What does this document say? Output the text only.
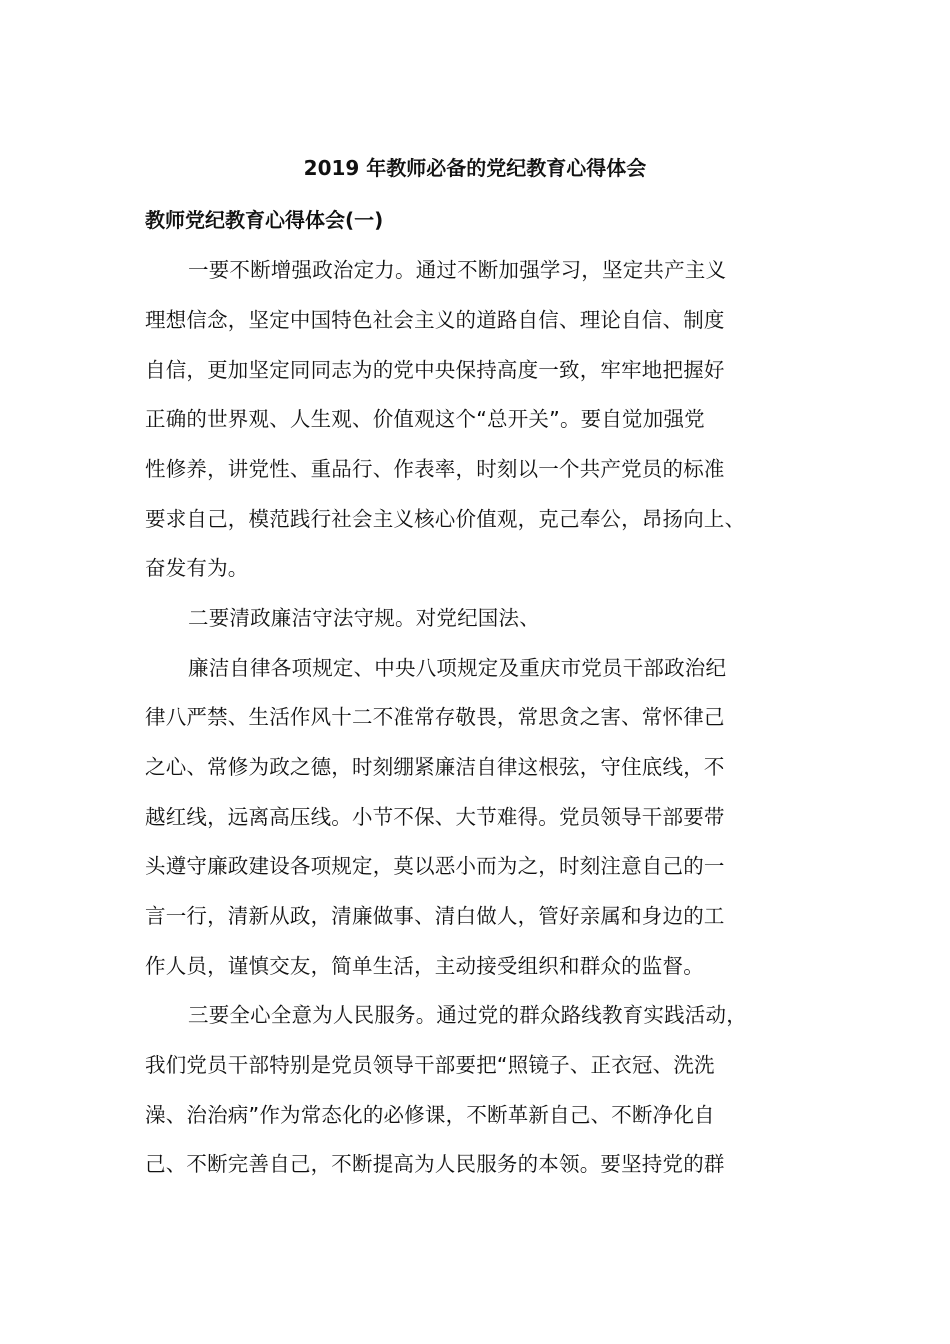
2019 年教师必备的党纪教育心得体会
教师党纪教育心得体会(一)
一要不断增强政治定力。通过不断加强学习，坚定共产主义
理想信念，坚定中国特色社会主义的道路自信、理论自信、制度
自信，更加坚定同同志为的党中央保持高度一致，牢牢地把握好
正确的世界观、人生观、价值观这个“总开关”。要自觉加强党
性修养，讲党性、重品行、作表率，时刻以一个共产党员的标准
要求自己，模范践行社会主义核心价值观，克己奉公，昂扬向上、
奋发有为。
二要清政廉洁守法守规。对党纪国法、
廉洁自律各项规定、中央八项规定及重庆市党员干部政治纪
律八严禁、生活作风十二不准常存敬畏，常思贪之害、常怀律己
之心、常修为政之德，时刻绷紧廉洁自律这根弦，守住底线，不
越红线，远离高压线。小节不保、大节难得。党员领导干部要带
头遵守廉政建设各项规定，莫以恶小而为之，时刻注意自己的一
言一行，清新从政，清廉做事、清白做人，管好亲属和身边的工
作人员，谨慎交友，简单生活，主动接受组织和群众的监督。
三要全心全意为人民服务。通过党的群众路线教育实践活动，
我们党员干部特别是党员领导干部要把“照镜子、正衣冠、洗洗
澡、治治病”作为常态化的必修课，不断革新自己、不断净化自
己、不断完善自己，不断提高为人民服务的本领。要坚持党的群
